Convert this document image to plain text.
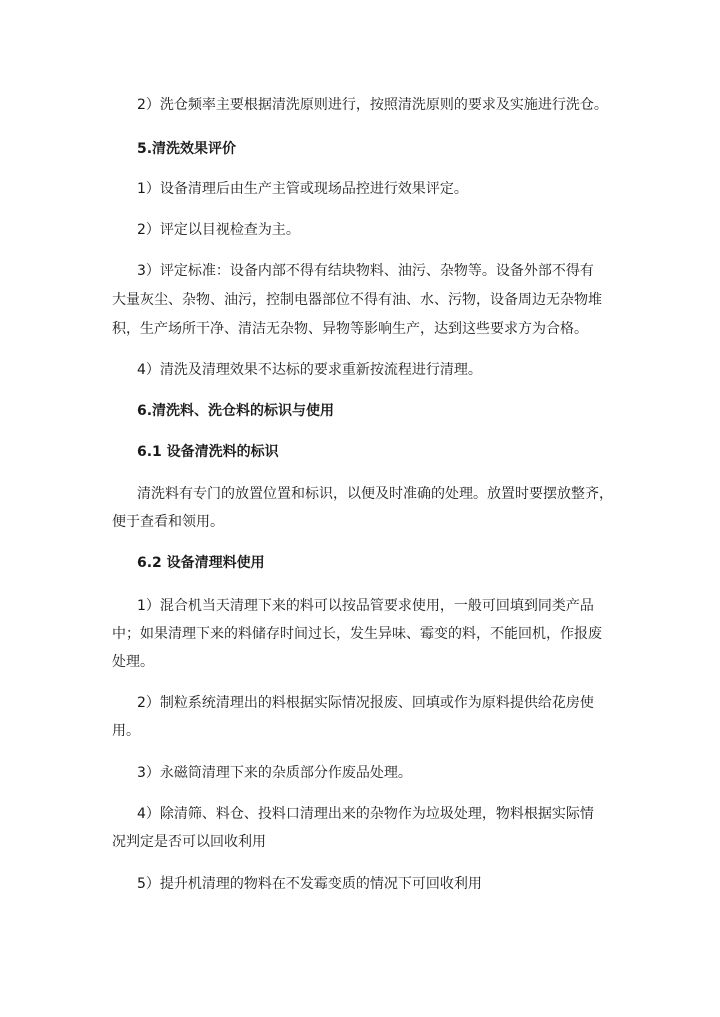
2）洗仓频率主要根据清洗原则进行，按照清洗原则的要求及实施进行洗仓。
5.清洗效果评价
1）设备清理后由生产主管或现场品控进行效果评定。
2）评定以目视检查为主。
3）评定标准：设备内部不得有结块物料、油污、杂物等。设备外部不得有
大量灰尘、杂物、油污，控制电器部位不得有油、水、污物，设备周边无杂物堆
积，生产场所干净、清洁无杂物、异物等影响生产，达到这些要求方为合格。
4）清洗及清理效果不达标的要求重新按流程进行清理。
6.清洗料、洗仓料的标识与使用
6.1 设备清洗料的标识
清洗料有专门的放置位置和标识，以便及时准确的处理。放置时要摆放整齐，
便于查看和领用。
6.2 设备清理料使用
1）混合机当天清理下来的料可以按品管要求使用，一般可回填到同类产品
中；如果清理下来的料储存时间过长，发生异味、霉变的料，不能回机，作报废
处理。
2）制粒系统清理出的料根据实际情况报废、回填或作为原料提供给花房使
用。
3）永磁筒清理下来的杂质部分作废品处理。
4）除清筛、料仓、投料口清理出来的杂物作为垃圾处理，物料根据实际情
况判定是否可以回收利用
5）提升机清理的物料在不发霉变质的情况下可回收利用
